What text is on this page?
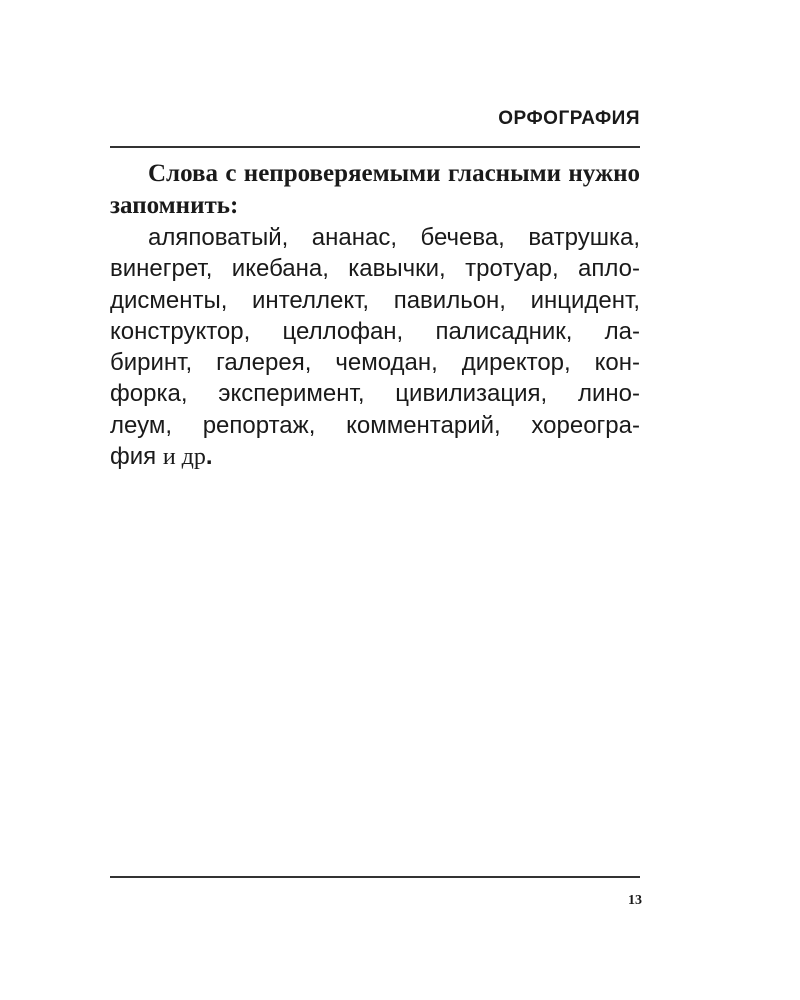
ОРФОГРАФИЯ

Слова с непроверяемыми гласными нужно запомнить:

аляповатый, ананас, бечева, ватрушка,
винегрет, икебана, кавычки, тротуар, апло-
дисменты, интеллект, павильон, инцидент,
конструктор, целлофан, палисадник, ла-
биринт, галерея, чемодан, директор, кон-
форка, эксперимент, цивилизация, лино-
леум, репортаж, комментарий, хореогра-
фия и др.

13
